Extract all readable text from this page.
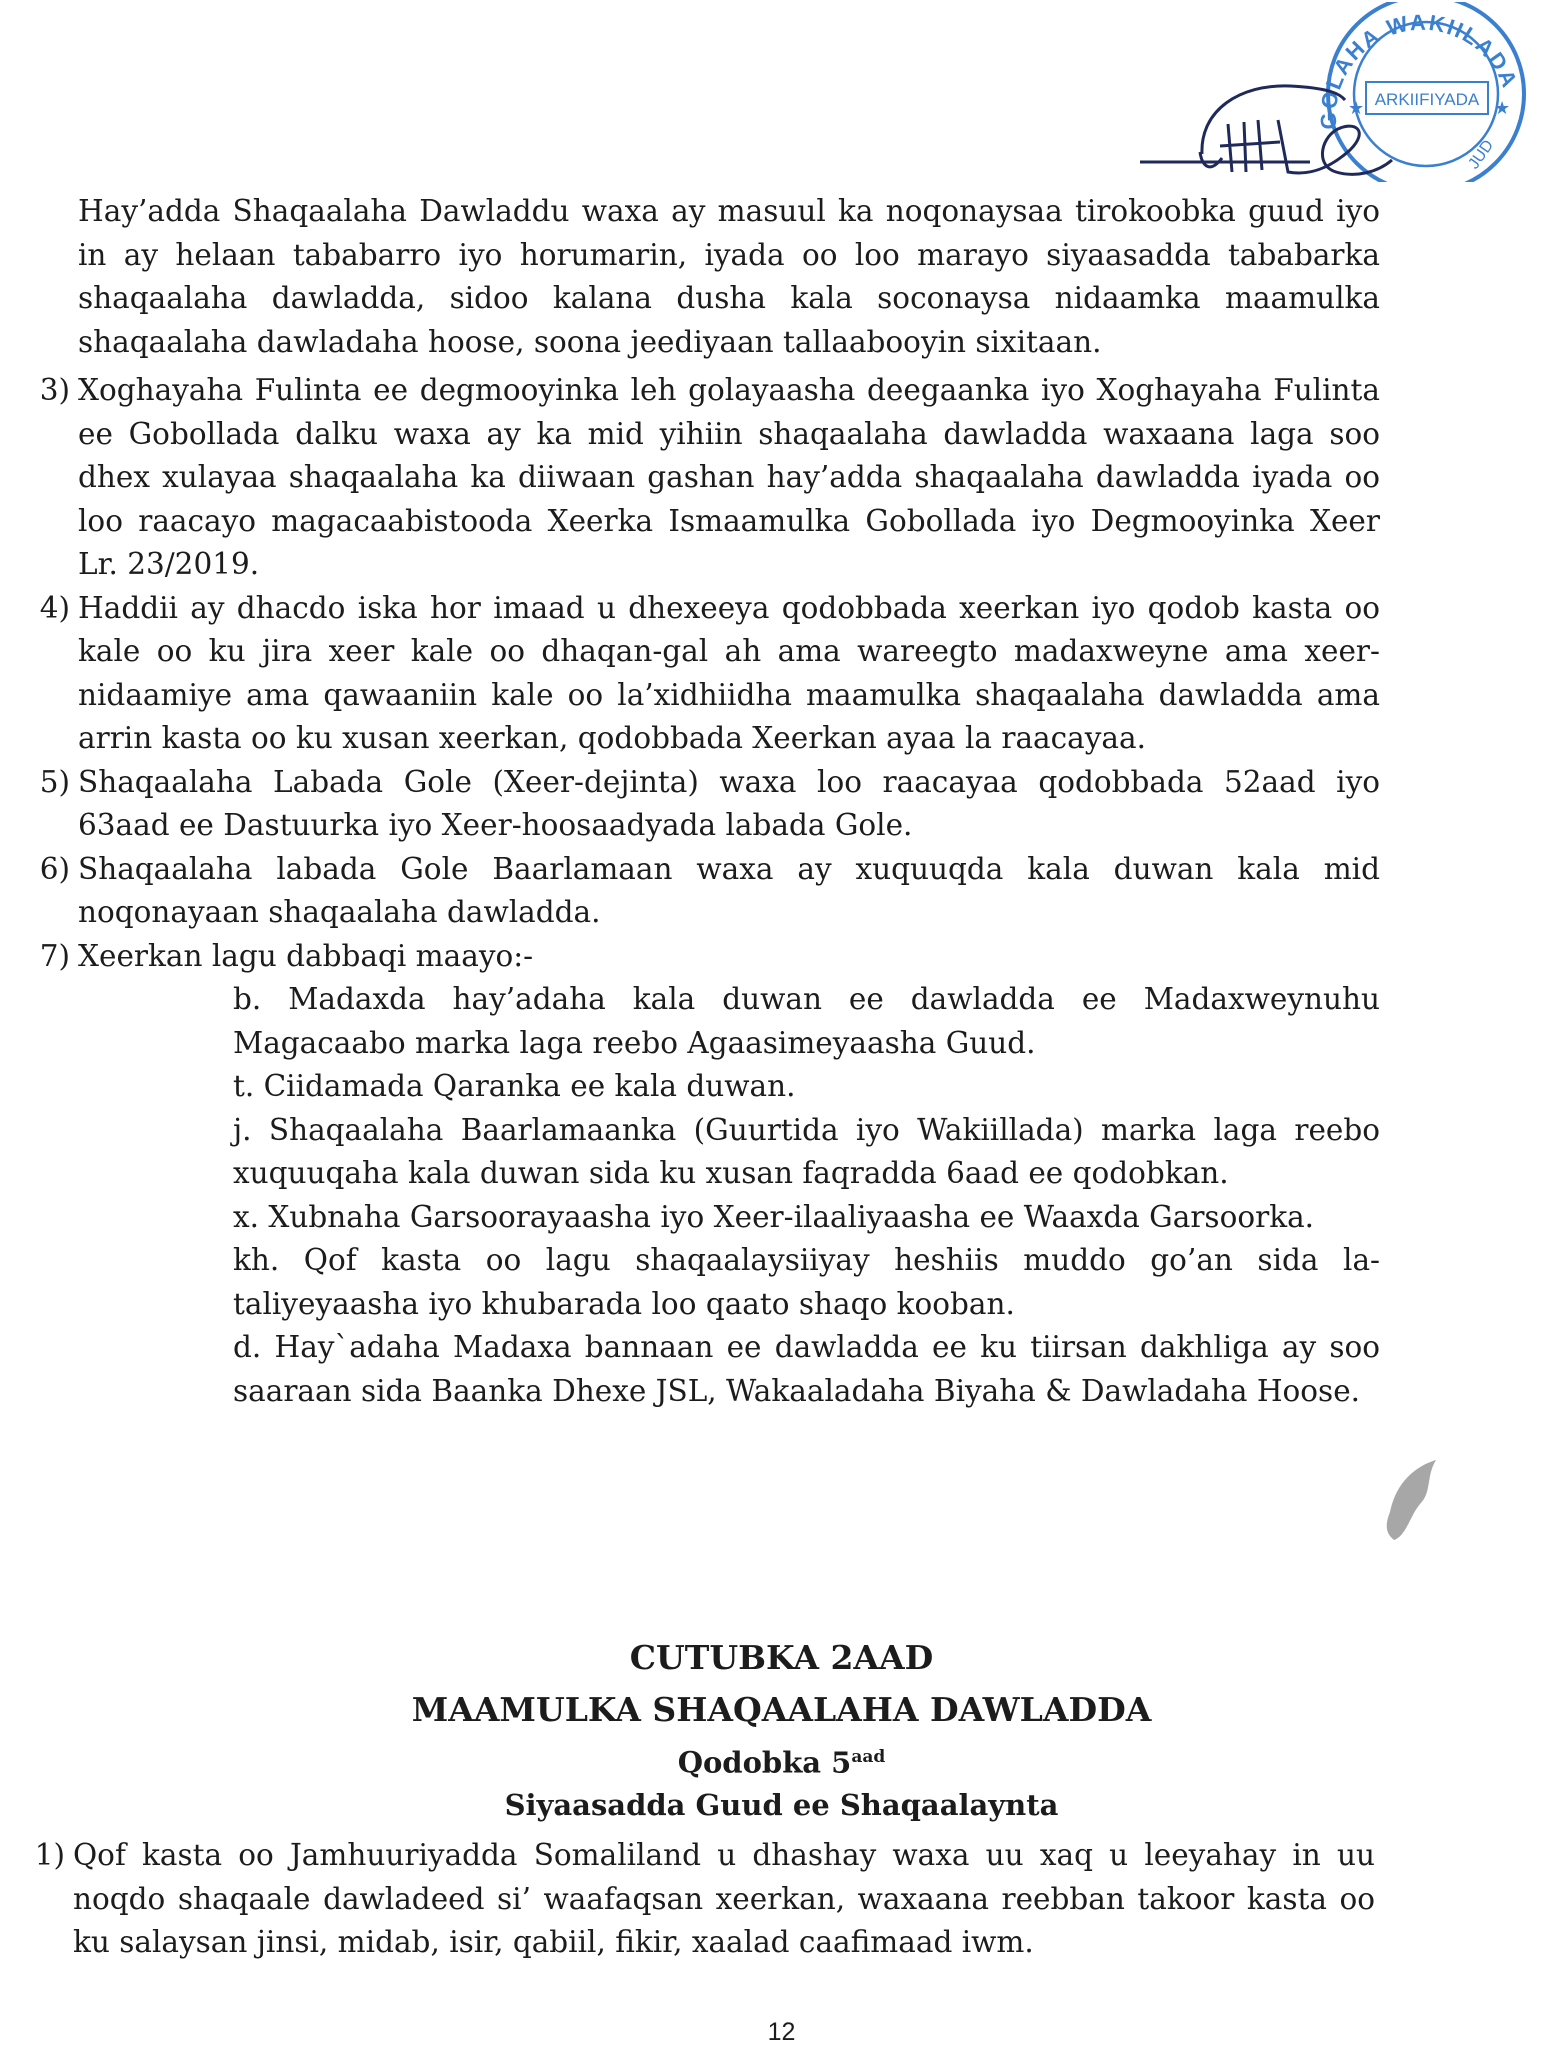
GOLAHA WAKIILADA
ARKIIFIYADA
★	★
JUD

Hay’adda Shaqaalaha Dawladdu waxa ay masuul ka noqonaysaa tirokoobka guud iyo in ay helaan tababarro iyo horumarin, iyada oo loo marayo siyaasadda tababarka shaqaalaha dawladda, sidoo kalana dusha kala soconaysa nidaamka maamulka shaqaalaha dawladaha hoose, soona jeediyaan tallaabooyin sixitaan.

3) Xoghayaha Fulinta ee degmooyinka leh golayaasha deegaanka iyo Xoghayaha Fulinta ee Gobollada dalku waxa ay ka mid yihiin shaqaalaha dawladda waxaana laga soo dhex xulayaa shaqaalaha ka diiwaan gashan hay’adda shaqaalaha dawladda iyada oo loo raacayo magacaabistooda Xeerka Ismaamulka Gobollada iyo Degmooyinka Xeer Lr. 23/2019.
4) Haddii ay dhacdo iska hor imaad u dhexeeya qodobbada xeerkan iyo qodob kasta oo kale oo ku jira xeer kale oo dhaqan-gal ah ama wareegto madaxweyne ama xeer-nidaamiye ama qawaaniin kale oo la’xidhiidha maamulka shaqaalaha dawladda ama arrin kasta oo ku xusan xeerkan, qodobbada Xeerkan ayaa la raacayaa.
5) Shaqaalaha Labada Gole (Xeer-dejinta) waxa loo raacayaa qodobbada 52aad iyo 63aad ee Dastuurka iyo Xeer-hoosaadyada labada Gole.
6) Shaqaalaha labada Gole Baarlamaan waxa ay xuquuqda kala duwan kala mid noqonayaan shaqaalaha dawladda.
7) Xeerkan lagu dabbaqi maayo:-

b. Madaxda hay’adaha kala duwan ee dawladda ee Madaxweynuhu Magacaabo marka laga reebo Agaasimeyaasha Guud.

t. Ciidamada Qaranka ee kala duwan.

j. Shaqaalaha Baarlamaanka (Guurtida iyo Wakiillada) marka laga reebo xuquuqaha kala duwan sida ku xusan faqradda 6aad ee qodobkan.

x. Xubnaha Garsoorayaasha iyo Xeer-ilaaliyaasha ee Waaxda Garsoorka.

kh. Qof kasta oo lagu shaqaalaysiiyay heshiis muddo go’an sida la- taliyeyaasha iyo khubarada loo qaato shaqo kooban.

d. Hay`adaha Madaxa bannaan ee dawladda ee ku tiirsan dakhliga ay soo saaraan sida Baanka Dhexe JSL, Wakaaladaha Biyaha & Dawladaha Hoose.

CUTUBKA 2AAD
MAAMULKA SHAQAALAHA DAWLADDA
Qodobka $5^{aad}$
Siyaasadda Guud ee Shaqaalaynta
1) Qof kasta oo Jamhuuriyadda Somaliland u dhashay waxa uu xaq u leeyahay in uu noqdo shaqaale dawladeed si’ waafaqsan xeerkan, waxaana reebban takoor kasta oo ku salaysan jinsi, midab, isir, qabiil, fikir, xaalad caafimaad iwm.
12
